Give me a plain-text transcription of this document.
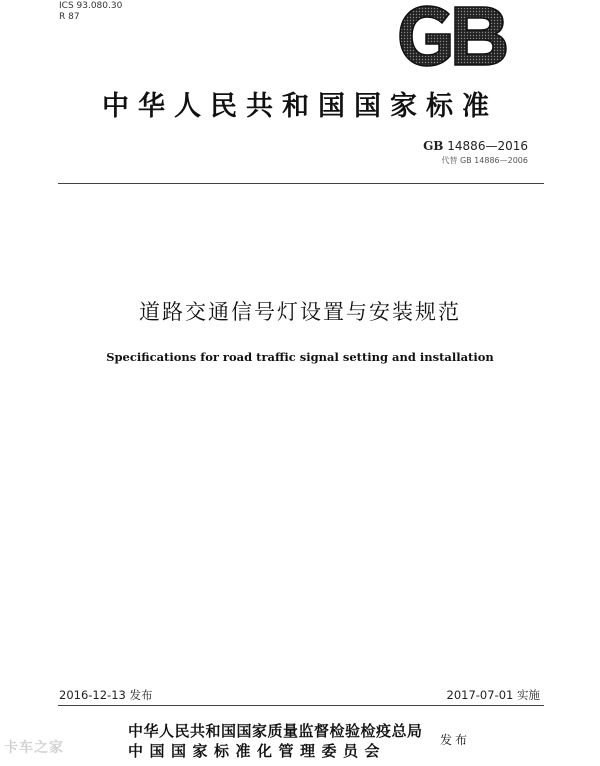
ICS 93.080.30
R 87
中华人民共和国国家标准
GB 14886—2016
代替 GB 14886—2006
道路交通信号灯设置与安装规范
Specifications for road traffic signal setting and installation
2016-12-13 发布	2017-07-01 实施
中华人民共和国国家质量监督检验检疫总局
中国国家标准化管理委员会
发布
卡车之家
